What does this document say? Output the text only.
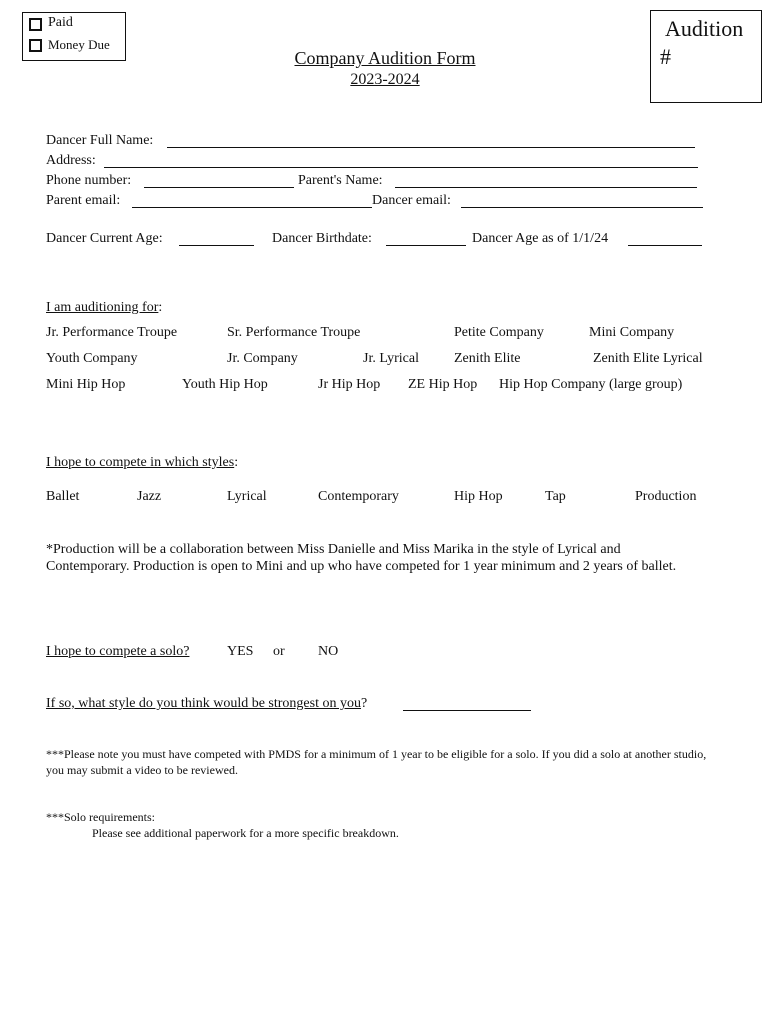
Paid
Money Due
Company Audition Form
2023-2024
Audition
#
Dancer Full Name:
Address:
Phone number:	Parent's Name:
Parent email:	Dancer email:
Dancer Current Age:	Dancer Birthdate:	Dancer Age as of 1/1/24
I am auditioning for:
Jr. Performance Troupe	Sr. Performance Troupe	Petite Company	Mini Company
Youth Company	Jr. Company	Jr. Lyrical	Zenith Elite	Zenith Elite Lyrical
Mini Hip Hop	Youth Hip Hop	Jr Hip Hop ZE Hip Hop Hip Hop Company (large group)
I hope to compete in which styles:
Ballet	Jazz	Lyrical	Contemporary	Hip Hop	Tap	Production
*Production will be a collaboration between Miss Danielle and Miss Marika in the style of Lyrical and Contemporary. Production is open to Mini and up who have competed for 1 year minimum and 2 years of ballet.
I hope to compete a solo?	YES or NO
If so, what style do you think would be strongest on you?
***Please note you must have competed with PMDS for a minimum of 1 year to be eligible for a solo. If you did a solo at another studio, you may submit a video to be reviewed.
***Solo requirements:
Please see additional paperwork for a more specific breakdown.
